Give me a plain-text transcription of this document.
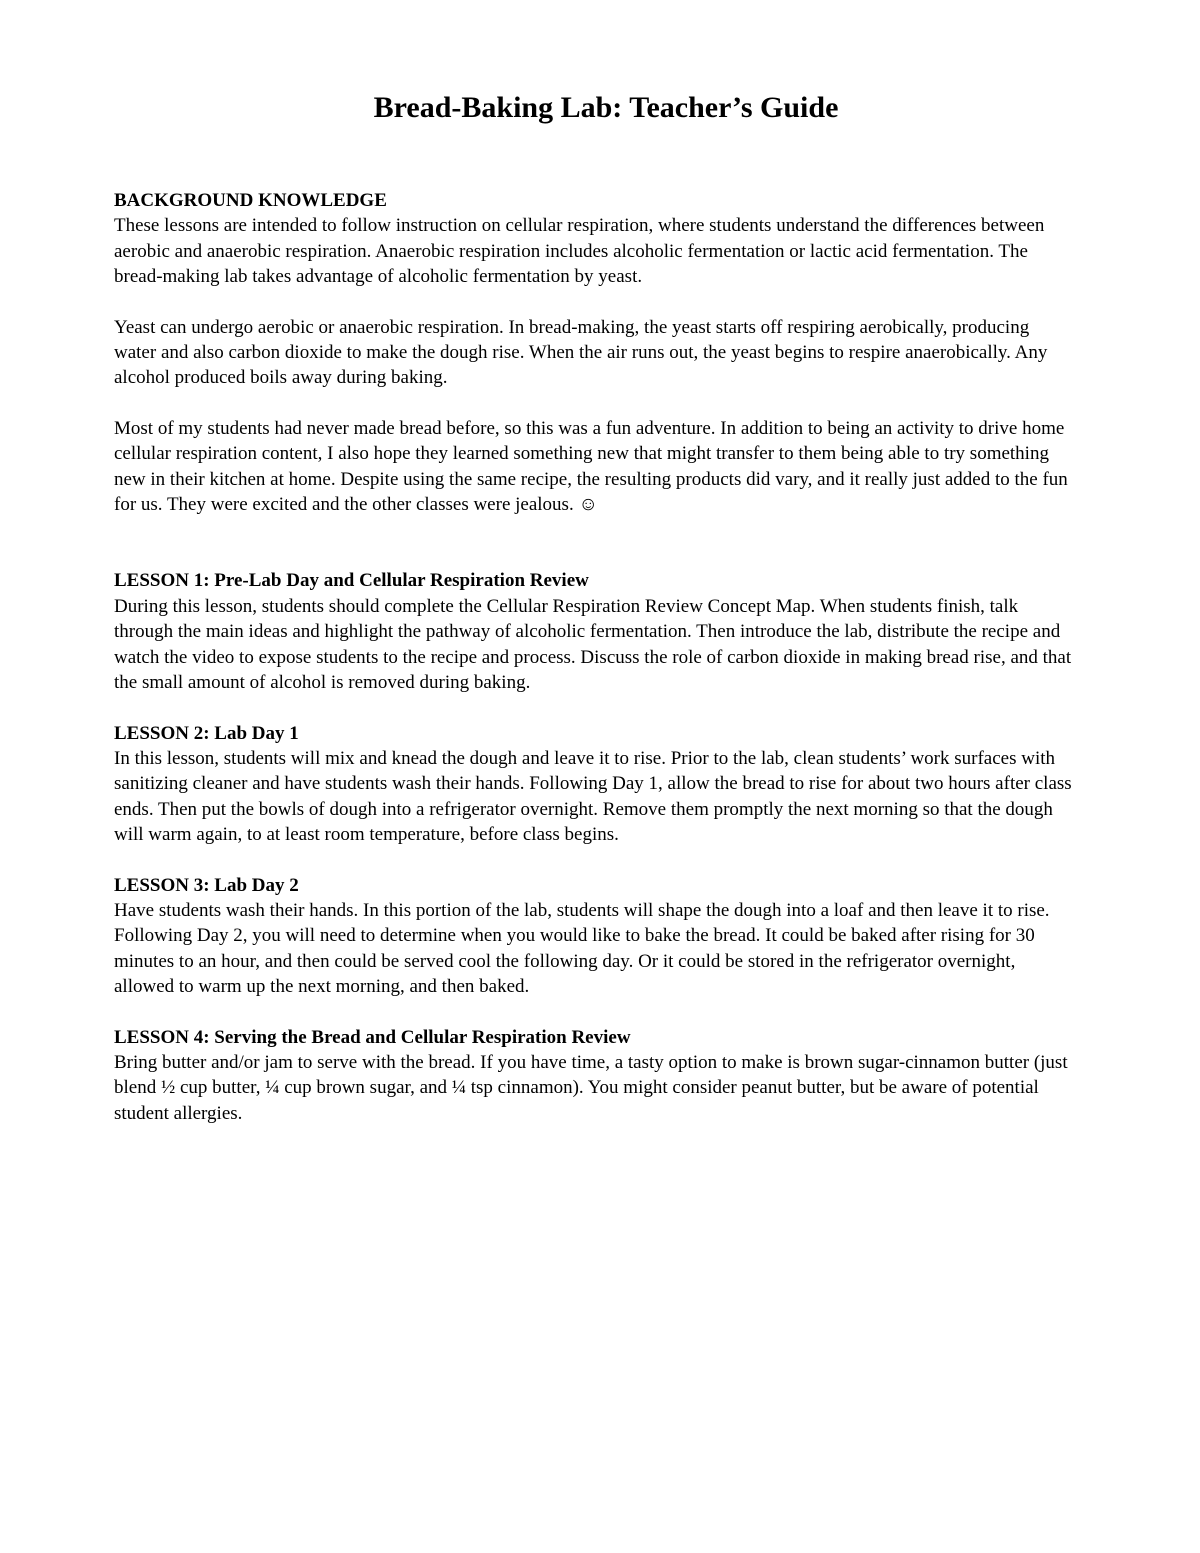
Bread-Baking Lab: Teacher’s Guide

BACKGROUND KNOWLEDGE

These lessons are intended to follow instruction on cellular respiration, where students understand the differences between aerobic and anaerobic respiration. Anaerobic respiration includes alcoholic fermentation or lactic acid fermentation. The bread-making lab takes advantage of alcoholic fermentation by yeast.

Yeast can undergo aerobic or anaerobic respiration. In bread-making, the yeast starts off respiring aerobically, producing water and also carbon dioxide to make the dough rise. When the air runs out, the yeast begins to respire anaerobically. Any alcohol produced boils away during baking.

Most of my students had never made bread before, so this was a fun adventure. In addition to being an activity to drive home cellular respiration content, I also hope they learned something new that might transfer to them being able to try something new in their kitchen at home. Despite using the same recipe, the resulting products did vary, and it really just added to the fun for us. They were excited and the other classes were jealous. ☺

LESSON 1: Pre-Lab Day and Cellular Respiration Review

During this lesson, students should complete the Cellular Respiration Review Concept Map. When students finish, talk through the main ideas and highlight the pathway of alcoholic fermentation. Then introduce the lab, distribute the recipe and watch the video to expose students to the recipe and process. Discuss the role of carbon dioxide in making bread rise, and that the small amount of alcohol is removed during baking.

LESSON 2: Lab Day 1

In this lesson, students will mix and knead the dough and leave it to rise. Prior to the lab, clean students’ work surfaces with sanitizing cleaner and have students wash their hands. Following Day 1, allow the bread to rise for about two hours after class ends. Then put the bowls of dough into a refrigerator overnight. Remove them promptly the next morning so that the dough will warm again, to at least room temperature, before class begins.

LESSON 3: Lab Day 2

Have students wash their hands. In this portion of the lab, students will shape the dough into a loaf and then leave it to rise. Following Day 2, you will need to determine when you would like to bake the bread. It could be baked after rising for 30 minutes to an hour, and then could be served cool the following day. Or it could be stored in the refrigerator overnight, allowed to warm up the next morning, and then baked.

LESSON 4: Serving the Bread and Cellular Respiration Review

Bring butter and/or jam to serve with the bread. If you have time, a tasty option to make is brown sugar-cinnamon butter (just blend ½ cup butter, ¼ cup brown sugar, and ¼ tsp cinnamon). You might consider peanut butter, but be aware of potential student allergies.
